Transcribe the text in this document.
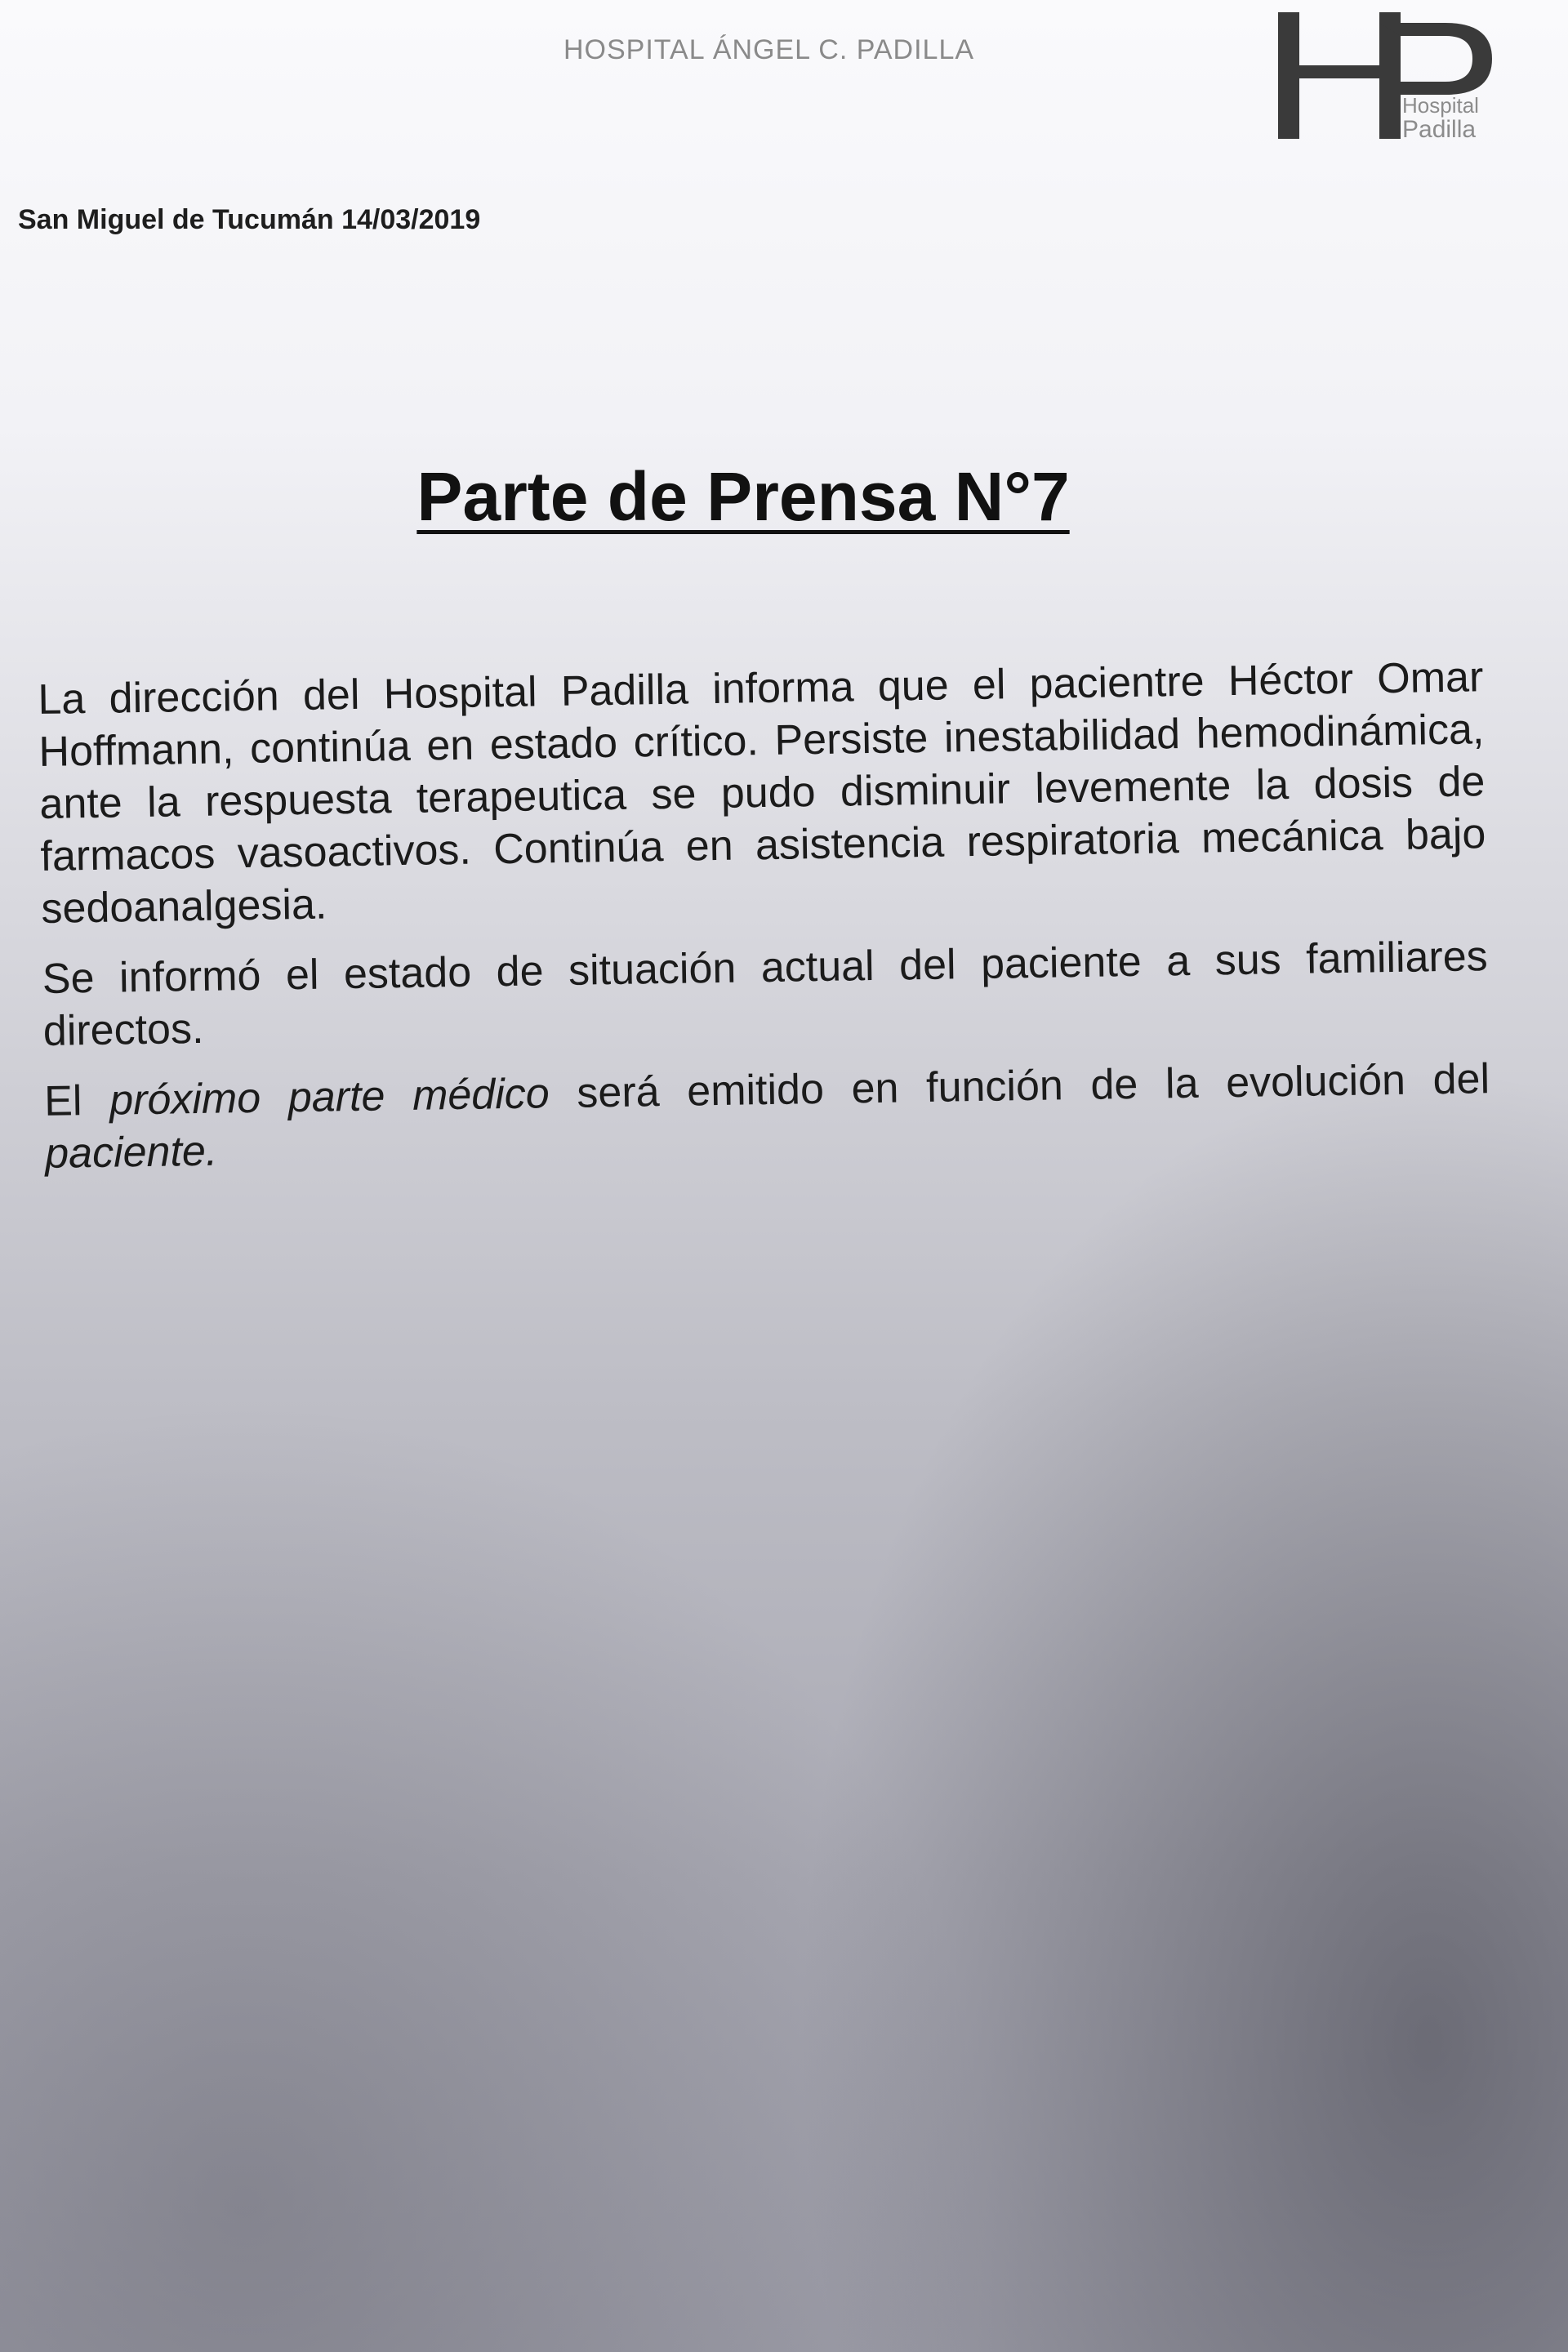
HOSPITAL ÁNGEL C. PADILLA
Hospital
Padilla
San Miguel de Tucumán 14/03/2019
Parte de Prensa N°7

La dirección del Hospital Padilla informa que el pacientre Héctor Omar Hoffmann, continúa en estado crítico. Persiste inestabilidad hemodinámica, ante la respuesta terapeutica se pudo disminuir levemente la dosis de farmacos vasoactivos. Continúa en asistencia respiratoria mecánica bajo sedoanalgesia.

Se informó el estado de situación actual del paciente a sus familiares directos.

El próximo parte médico será emitido en función de la evolución del paciente.
